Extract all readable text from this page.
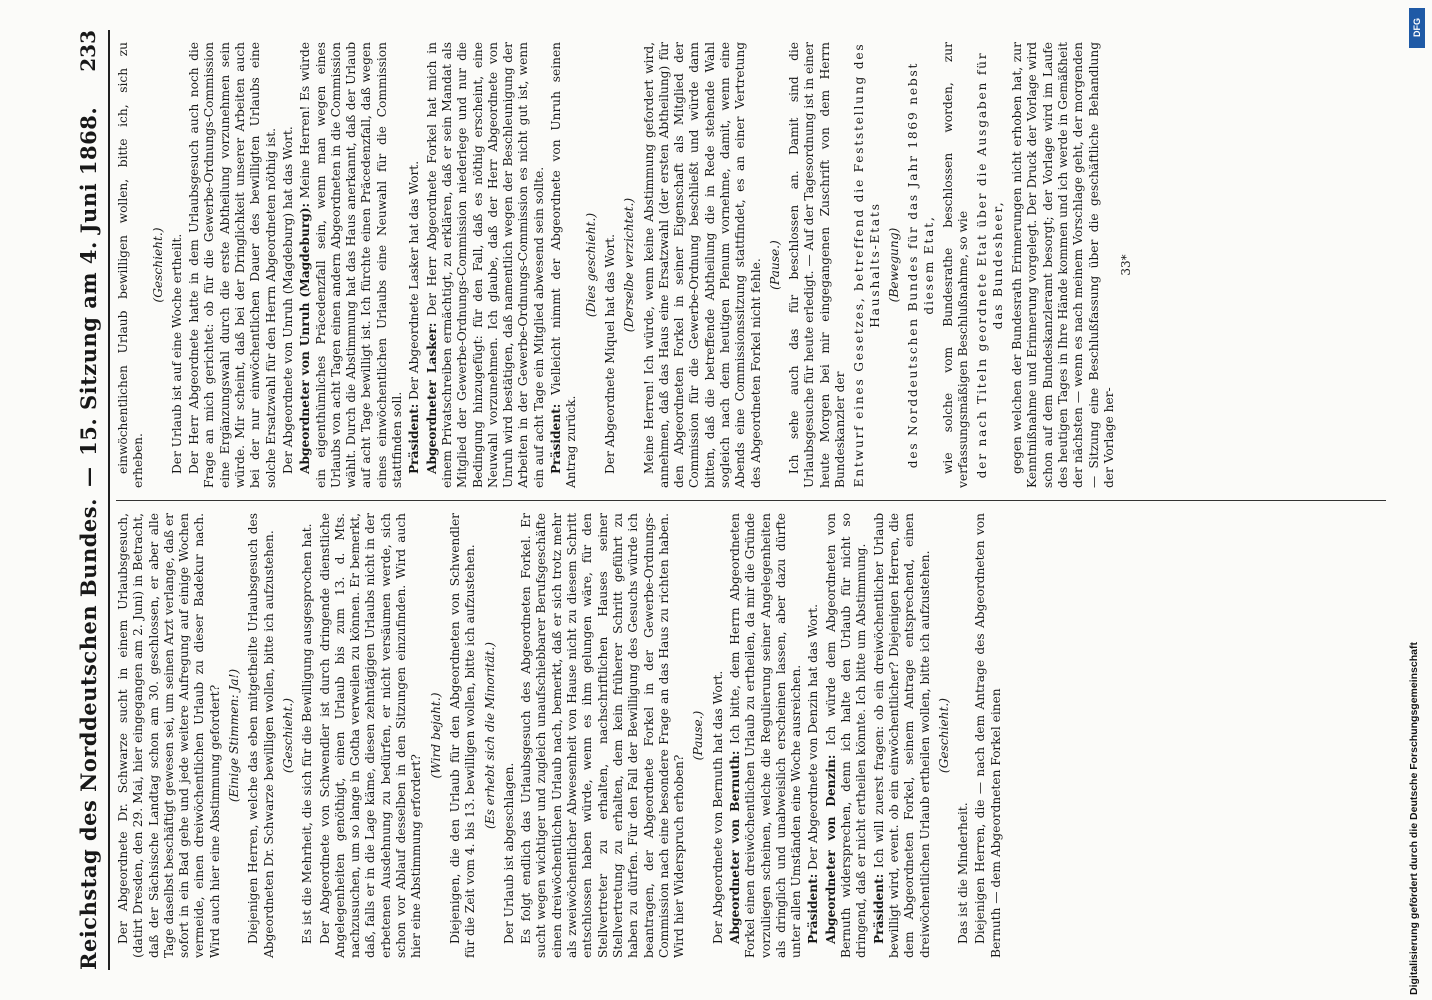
Reichstag des Norddeutschen Bundes.
—
15. Sitzung am 4. Juni 1868.
233

Der Abgeordnete Dr. Schwarze sucht in einem Urlaubsgesuch, (datirt Dresden, den 29. Mai, hier eingegangen am 2. Juni) in Betracht, daß der Sächsische Landtag schon am 30. geschlossen, er aber alle Tage daselbst beschäftigt gewesen sei, um seinen Arzt verlange, daß er sofort in ein Bad gehe und jede weitere Aufregung auf einige Wochen vermeide, einen dreiwöchentlichen Urlaub zu dieser Badekur nach. Wird auch hier eine Abstimmung gefordert? (Einige Stimmen: Ja!) Diejenigen Herren, welche das eben mitgetheilte Urlaubsgesuch des Abgeordneten Dr. Schwarze bewilligen wollen, bitte ich aufzustehen. (Geschieht.) Es ist die Mehrheit, die sich für die Bewilligung ausgesprochen hat. Der Abgeordnete von Schwendler ist durch dringende dienstliche Angelegenheiten genöthigt, einen Urlaub bis zum 13. d. Mts. nachzusuchen, um so lange in Gotha verweilen zu können. Er bemerkt, daß, falls er in die Lage käme, diesen zehntägigen Urlaubs nicht in der erbetenen Ausdehnung zu bedürfen, er nicht versäumen werde, sich schon vor Ablauf desselben in den Sitzungen einzufinden. Wird auch hier eine Abstimmung erfordert?

(Wird bejaht.) Diejenigen, die den Urlaub für den Abgeordneten von Schwendler für die Zeit vom 4. bis 13. bewilligen wollen, bitte ich aufzustehen. (Es erhebt sich die Minorität.)

Der Urlaub ist abgeschlagen. Es folgt endlich das Urlaubsgesuch des Abgeordneten Forkel. Er sucht wegen wichtiger und zugleich unaufschiebbarer Berufsgeschäfte einen dreiwöchentlichen Urlaub nach, bemerkt, daß er sich trotz mehr als zweiwöchentlicher Abwesenheit von Hause nicht zu diesem Schritt entschlossen haben würde, wenn es ihm gelungen wäre, für den Stellvertreter zu erhalten, nachschriftlichen Hauses seiner Stellvertretung zu erhalten, dem kein früherer Schritt geführt zu haben zu dürfen. Für den Fall der Bewilligung des Gesuchs würde ich beantragen, der Abgeordnete Forkel in der Gewerbe-Ordnungs-Commission nach eine besondere Frage an das Haus zu richten haben. Wird hier Widerspruch erhoben?

(Pause.) Der Abgeordnete von Bernuth hat das Wort. Abgeordneter von Bernuth: Ich bitte, dem Herrn Abgeordneten Forkel einen dreiwöchentlichen Urlaub zu ertheilen, da mir die Gründe vorzuliegen scheinen, welche die Regulierung seiner Angelegenheiten als dringlich und unabweislich erscheinen lassen, aber dazu dürfte unter allen Umständen eine Woche ausreichen. Präsident: Der Abgeordnete von Denzin hat das Wort. Abgeordneter von Denzin: Ich würde dem Abgeordneten von Bernuth widersprechen, denn ich halte den Urlaub für nicht so dringend, daß er nicht ertheilen könnte. Ich bitte um Abstimmung. Präsident: Ich will zuerst fragen: ob ein dreiwöchentlicher Urlaub bewilligt wird, event. ob ein einwöchentlicher? Diejenigen Herren, die dem Abgeordneten Forkel, seinem Antrage entsprechend, einen dreiwöchentlichen Urlaub ertheilen wollen, bitte ich aufzustehen. (Geschieht.)

Das ist die Minderheit. Diejenigen Herren, die — nach dem Antrage des Abgeordneten von Bernuth — dem Abgeordneten Forkel einen

einwöchentlichen Urlaub bewilligen wollen, bitte ich, sich zu erheben.

(Geschieht.) Der Urlaub ist auf eine Woche ertheilt. Der Herr Abgeordnete hatte in dem Urlaubsgesuch auch noch die Frage an mich gerichtet: ob für die Gewerbe-Ordnungs-Commission eine Ergänzungswahl durch die erste Abtheilung vorzunehmen sein würde. Mir scheint, daß bei der Dringlichkeit unserer Arbeiten auch bei der nur einwöchentlichen Dauer des bewilligten Urlaubs eine solche Ersatzwahl für den Herrn Abgeordneten nöthig ist. Der Abgeordnete von Unruh (Magdeburg) hat das Wort. Abgeordneter von Unruh (Magdeburg): Meine Herren! Es würde ein eigenthümliches Präcedenzfall sein, wenn man wegen eines Urlaubs von acht Tagen einen andern Abgeordneten in die Commission wählt. Durch die Abstimmung hat das Haus anerkannt, daß der Urlaub auf acht Tage bewilligt ist. Ich fürchte einen Präcedenzfall, daß wegen eines einwöchentlichen Urlaubs eine Neuwahl für die Commission stattfinden soll. Präsident: Der Abgeordnete Lasker hat das Wort. Abgeordneter Lasker: Der Herr Abgeordnete Forkel hat mich in einem Privatschreiben ermächtigt, zu erklären, daß er sein Mandat als Mitglied der Gewerbe-Ordnungs-Commission niederlege und nur die Bedingung hinzugefügt: für den Fall, daß es nöthig erscheint, eine Neuwahl vorzunehmen. Ich glaube, daß der Herr Abgeordnete von Unruh wird bestätigen, daß namentlich wegen der Beschleunigung der Arbeiten in der Gewerbe-Ordnungs-Commission es nicht gut ist, wenn ein auf acht Tage ein Mitglied abwesend sein sollte. Präsident: Vielleicht nimmt der Abgeordnete von Unruh seinen Antrag zurück.

(Dies geschieht.) Der Abgeordnete Miquel hat das Wort. (Derselbe verzichtet.) Meine Herren! Ich würde, wenn keine Abstimmung gefordert wird, annehmen, daß das Haus eine Ersatzwahl (der ersten Abtheilung) für den Abgeordneten Forkel in seiner Eigenschaft als Mitglied der Commission für die Gewerbe-Ordnung beschließt und würde dann bitten, daß die betreffende Abtheilung die in Rede stehende Wahl sogleich nach dem heutigen Plenum vornehme, damit, wenn eine Abends eine Commissionssitzung stattfindet, es an einer Vertretung des Abgeordneten Forkel nicht fehle. (Pause.) Ich sehe auch das für beschlossen an. Damit sind die Urlaubsgesuche für heute erledigt. — Auf der Tagesordnung ist in einer heute Morgen bei mir eingegangenen Zuschrift von dem Herrn Bundeskanzler der Entwurf eines Gesetzes, betreffend die Feststellung des Haushalts-Etats (Bewegung) des Norddeutschen Bundes für das Jahr 1869 nebst diesem Etat, wie solche vom Bundesrathe beschlossen worden, zur verfassungsmäßigen Beschlußnahme, so wie der nach Titeln geordnete Etat über die Ausgaben für das Bundesheer, gegen welchen der Bundesrath Erinnerungen nicht erhoben hat, zur Kenntnißnahme und Erinnerung vorgelegt. Der Druck der Vorlage wird schon auf dem Bundeskanzleramt besorgt; der Vorlage wird im Laufe des heutigen Tages in Ihre Hände kommen und ich werde in Gemäßheit der nächsten — wenn es nach meinem Vorschlage geht, der morgenden — Sitzung eine Beschlußfassung über die geschäftliche Behandlung der Vorlage her-

33*

DFG
Digitalisierung gefördert durch die Deutsche Forschungsgemeinschaft
